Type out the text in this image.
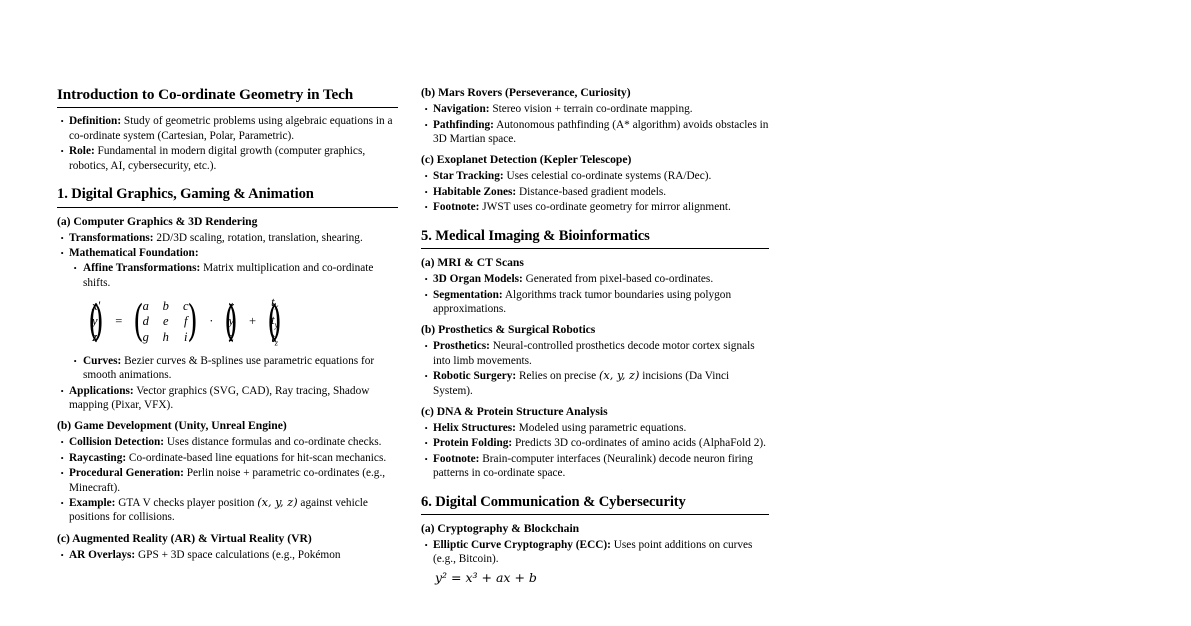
Introduction to Co-ordinate Geometry in Tech
· Definition: Study of geometric problems using algebraic equations in a co-ordinate system (Cartesian, Polar, Parametric).
· Role: Fundamental in modern digital growth (computer graphics, robotics, AI, cybersecurity, etc.).
1. Digital Graphics, Gaming & Animation
(a) Computer Graphics & 3D Rendering
· Transformations: 2D/3D scaling, rotation, translation, shearing.
· Mathematical Foundation:
· Affine Transformations: Matrix multiplication and co-ordinate shifts.
( x'
y'
z'
)
=
( a b c
d e f
g h i
)
·
( x
y
z
)
+
( $t_x$
$t_y$
$t_z$
)
· Curves: Bezier curves & B-splines use parametric equations for smooth animations.
· Applications: Vector graphics (SVG, CAD), Ray tracing, Shadow mapping (Pixar, VFX).
(b) Game Development (Unity, Unreal Engine)
· Collision Detection: Uses distance formulas and co-ordinate checks.
· Raycasting: Co-ordinate-based line equations for hit-scan mechanics.
· Procedural Generation: Perlin noise + parametric co-ordinates (e.g., Minecraft).
· Example: GTA V checks player position (x, y, z) against vehicle positions for collisions.
(c) Augmented Reality (AR) & Virtual Reality (VR)
· AR Overlays: GPS + 3D space calculations (e.g., Pokémon
(b) Mars Rovers (Perseverance, Curiosity)
· Navigation: Stereo vision + terrain co-ordinate mapping.
· Pathfinding: Autonomous pathfinding (A* algorithm) avoids obstacles in 3D Martian space.
(c) Exoplanet Detection (Kepler Telescope)
· Star Tracking: Uses celestial co-ordinate systems (RA/Dec).
· Habitable Zones: Distance-based gradient models.
· Footnote: JWST uses co-ordinate geometry for mirror alignment.
5. Medical Imaging & Bioinformatics
(a) MRI & CT Scans
· 3D Organ Models: Generated from pixel-based co-ordinates.
· Segmentation: Algorithms track tumor boundaries using polygon approximations.
(b) Prosthetics & Surgical Robotics
· Prosthetics: Neural-controlled prosthetics decode motor cortex signals into limb movements.
· Robotic Surgery: Relies on precise (x, y, z) incisions (Da Vinci System).
(c) DNA & Protein Structure Analysis
· Helix Structures: Modeled using parametric equations.
· Protein Folding: Predicts 3D co-ordinates of amino acids (AlphaFold 2).
· Footnote: Brain-computer interfaces (Neuralink) decode neuron firing patterns in co-ordinate space.
6. Digital Communication & Cybersecurity
(a) Cryptography & Blockchain
· Elliptic Curve Cryptography (ECC): Uses point additions on curves (e.g., Bitcoin).
y² = x³ + ax + b
